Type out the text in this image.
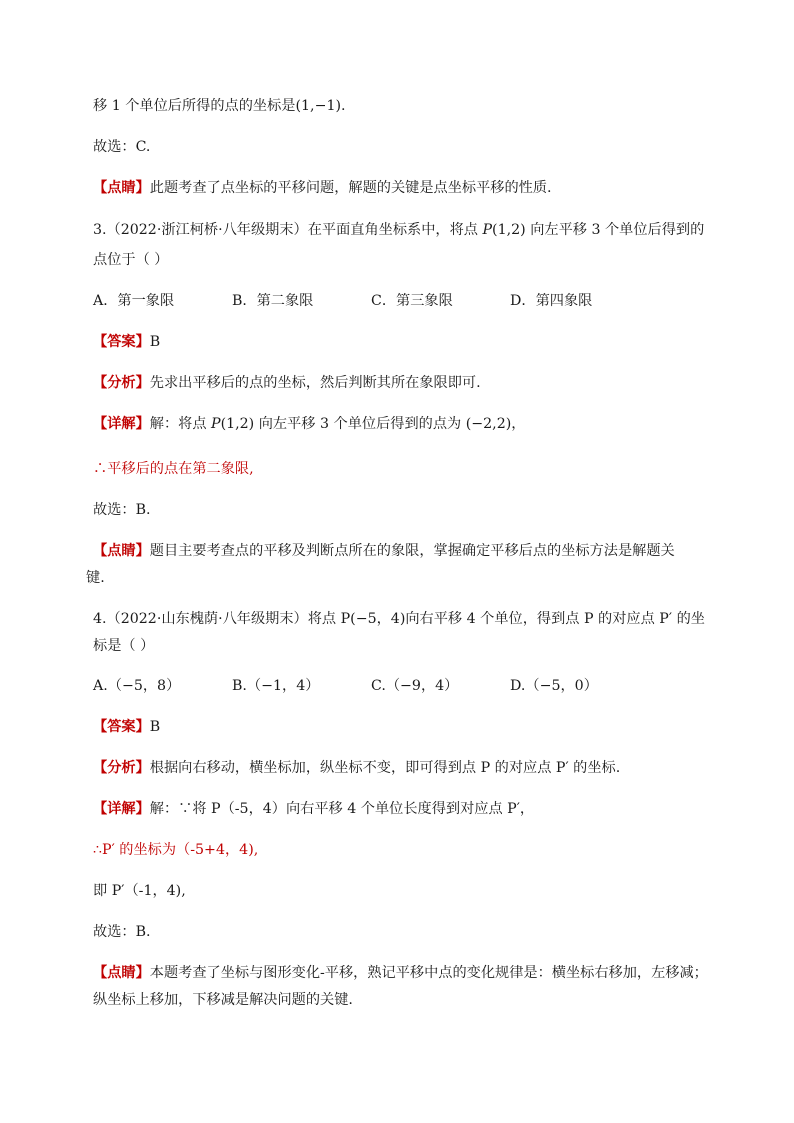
移 1 个单位后所得的点的坐标是(1,−1).
故选：C.
【点睛】此题考查了点坐标的平移问题，解题的关键是点坐标平移的性质.
3.（2022·浙江柯桥·八年级期末）在平面直角坐标系中，将点 P(1,2) 向左平移 3 个单位后得到的
点位于（ ）
A．第一象限	B．第二象限	C．第三象限	D．第四象限
【答案】B
【分析】先求出平移后的点的坐标，然后判断其所在象限即可.
【详解】解：将点 P(1,2) 向左平移 3 个单位后得到的点为 (−2,2)，
∴平移后的点在第二象限,
故选：B.
【点睛】题目主要考查点的平移及判断点所在的象限，掌握确定平移后点的坐标方法是解题关
键.
4.（2022·山东槐荫·八年级期末）将点 P(−5，4)向右平移 4 个单位，得到点 P 的对应点 P′ 的坐
标是（ ）
A.（−5，8）	B.（−1，4）	C.（−9，4）	D.（−5，0）
【答案】B
【分析】根据向右移动，横坐标加，纵坐标不变，即可得到点 P 的对应点 P′ 的坐标.
【详解】解：∵将 P（-5，4）向右平移 4 个单位长度得到对应点 P′，
∴P′ 的坐标为（-5+4，4),
即 P′（-1，4),
故选：B.
【点睛】本题考查了坐标与图形变化-平移，熟记平移中点的变化规律是：横坐标右移加，左移减；
纵坐标上移加，下移减是解决问题的关键.
